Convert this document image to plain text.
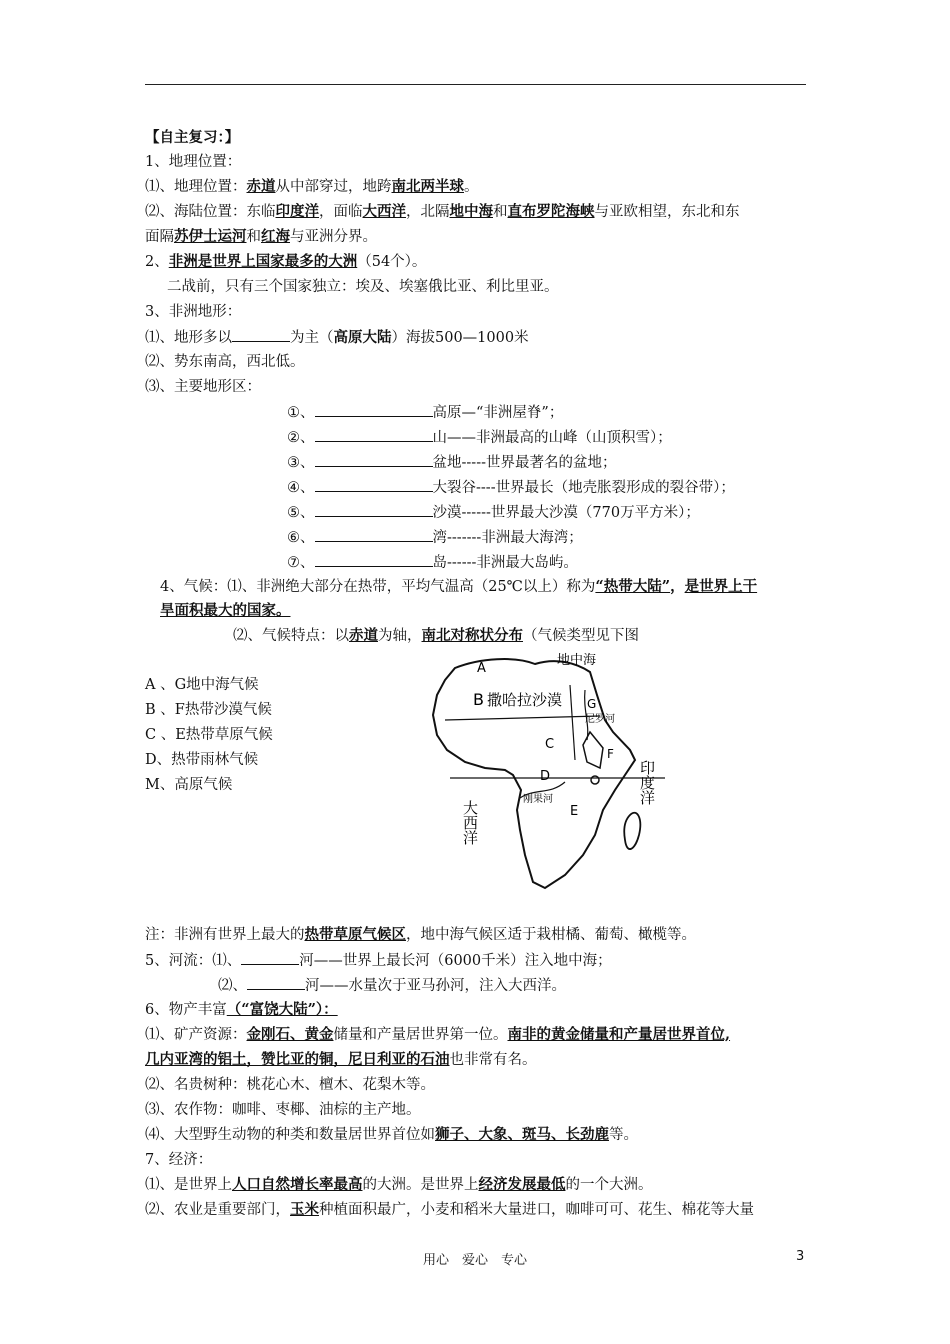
【自主复习：】
1、地理位置：
⑴、地理位置：赤道从中部穿过，地跨南北两半球。
⑵、海陆位置：东临印度洋，面临大西洋，北隔地中海和直布罗陀海峡与亚欧相望，东北和东
面隔苏伊士运河和红海与亚洲分界。
2、非洲是世界上国家最多的大洲（54个）。
二战前，只有三个国家独立：埃及、埃塞俄比亚、利比里亚。
3、非洲地形：
⑴、地形多以	为主（高原大陆）海拔500—1000米
⑵、势东南高，西北低。
⑶、主要地形区：
①、	高原—“非洲屋脊”；
②、	山——非洲最高的山峰（山顶积雪）；
③、	盆地-----世界最著名的盆地；
④、	大裂谷----世界最长（地壳胀裂形成的裂谷带）；
⑤、	沙漠------世界最大沙漠（770万平方米）；
⑥、	湾-------非洲最大海湾；
⑦、	岛------非洲最大岛屿。
4、气候：⑴、非洲绝大部分在热带，平均气温高（25℃以上）称为“热带大陆”，是世界上干
旱面积最大的国家。
⑵、气候特点：以赤道为轴，南北对称状分布（气候类型见下图
A 、G地中海气候
B 、F热带沙漠气候
C 、E热带草原气候
D、热带雨林气候
M、高原气候
A
地中海
B 撒哈拉沙漠 G
尼罗河
F
C
D
刚果河
E
印度洋
大西洋
注：非洲有世界上最大的热带草原气候区，地中海气候区适于栽柑橘、葡萄、橄榄等。
5、河流：⑴、	河——世界上最长河（6000千米）注入地中海；
⑵、	河——水量次于亚马孙河，注入大西洋。
6、物产丰富（“富饶大陆”）：
⑴、矿产资源：金刚石、黄金储量和产量居世界第一位。南非的黄金储量和产量居世界首位,
几内亚湾的铝土，赞比亚的铜，尼日利亚的石油也非常有名。
⑵、名贵树种：桃花心木、檀木、花梨木等。
⑶、农作物：咖啡、枣椰、油棕的主产地。
⑷、大型野生动物的种类和数量居世界首位如狮子、大象、斑马、长劲鹿等。
7、经济：
⑴、是世界上人口自然增长率最高的大洲。是世界上经济发展最低的一个大洲。
⑵、农业是重要部门，玉米种植面积最广，小麦和稻米大量进口，咖啡可可、花生、棉花等大量
用心　爱心　专心	3
